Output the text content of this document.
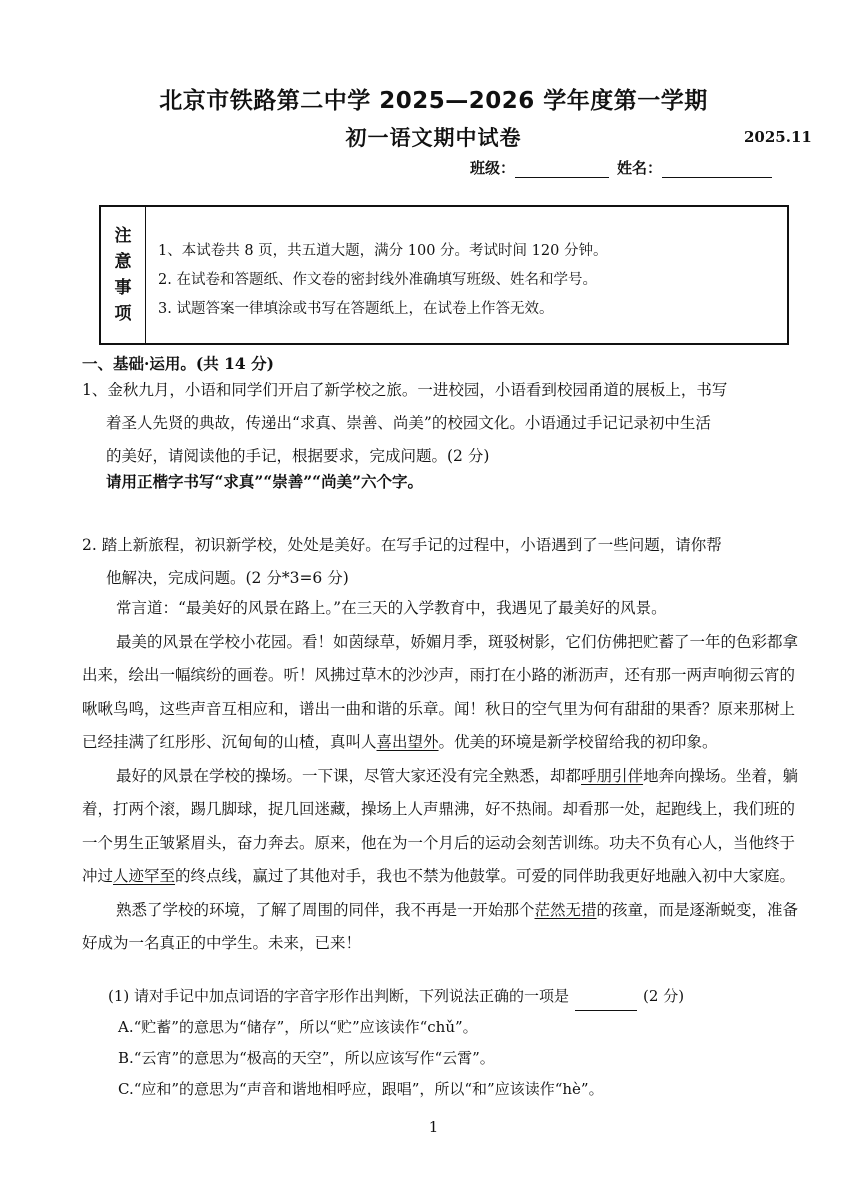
北京市铁路第二中学 2025—2026 学年度第一学期
初一语文期中试卷	2025.11
班级：	姓名：
注
意
事
项
1、本试卷共 8 页，共五道大题，满分 100 分。考试时间 120 分钟。
2. 在试卷和答题纸、作文卷的密封线外准确填写班级、姓名和学号。
3. 试题答案一律填涂或书写在答题纸上，在试卷上作答无效。
一、基础·运用。(共 14 分)
1、金秋九月，小语和同学们开启了新学校之旅。一进校园，小语看到校园甬道的展板上，书写
着圣人先贤的典故，传递出“求真、崇善、尚美”的校园文化。小语通过手记记录初中生活
的美好，请阅读他的手记，根据要求，完成问题。(2 分)
请用正楷字书写“求真”“崇善”“尚美”六个字。
2. 踏上新旅程，初识新学校，处处是美好。在写手记的过程中，小语遇到了一些问题，请你帮
他解决，完成问题。(2 分*3=6 分)

常言道：“最美好的风景在路上。”在三天的入学教育中，我遇见了最美好的风景。

最美的风景在学校小花园。看！如茵绿草，娇媚月季，斑驳树影，它们仿佛把贮蓄了一年的色彩都拿出来，绘出一幅缤纷的画卷。听！风拂过草木的沙沙声，雨打在小路的淅沥声，还有那一两声响彻云宵的啾啾鸟鸣，这些声音互相应和，谱出一曲和谐的乐章。闻！秋日的空气里为何有甜甜的果香？原来那树上已经挂满了红彤彤、沉甸甸的山楂，真叫人喜出望外。优美的环境是新学校留给我的初印象。

最好的风景在学校的操场。一下课，尽管大家还没有完全熟悉，却都呼朋引伴地奔向操场。坐着，躺着，打两个滚，踢几脚球，捉几回迷藏，操场上人声鼎沸，好不热闹。却看那一处，起跑线上，我们班的一个男生正皱紧眉头，奋力奔去。原来，他在为一个月后的运动会刻苦训练。功夫不负有心人，当他终于冲过人迹罕至的终点线，赢过了其他对手，我也不禁为他鼓掌。可爱的同伴助我更好地融入初中大家庭。

熟悉了学校的环境，了解了周围的同伴，我不再是一开始那个茫然无措的孩童，而是逐渐蜕变，准备好成为一名真正的中学生。未来，已来！

(1) 请对手记中加点词语的字音字形作出判断，下列说法正确的一项是	(2 分)
A.“贮蓄”的意思为“储存”，所以“贮”应该读作“chǔ”。
B.“云宵”的意思为“极高的天空”，所以应该写作“云霄”。
C.“应和”的意思为“声音和谐地相呼应，跟唱”，所以“和”应该读作“hè”。
1
